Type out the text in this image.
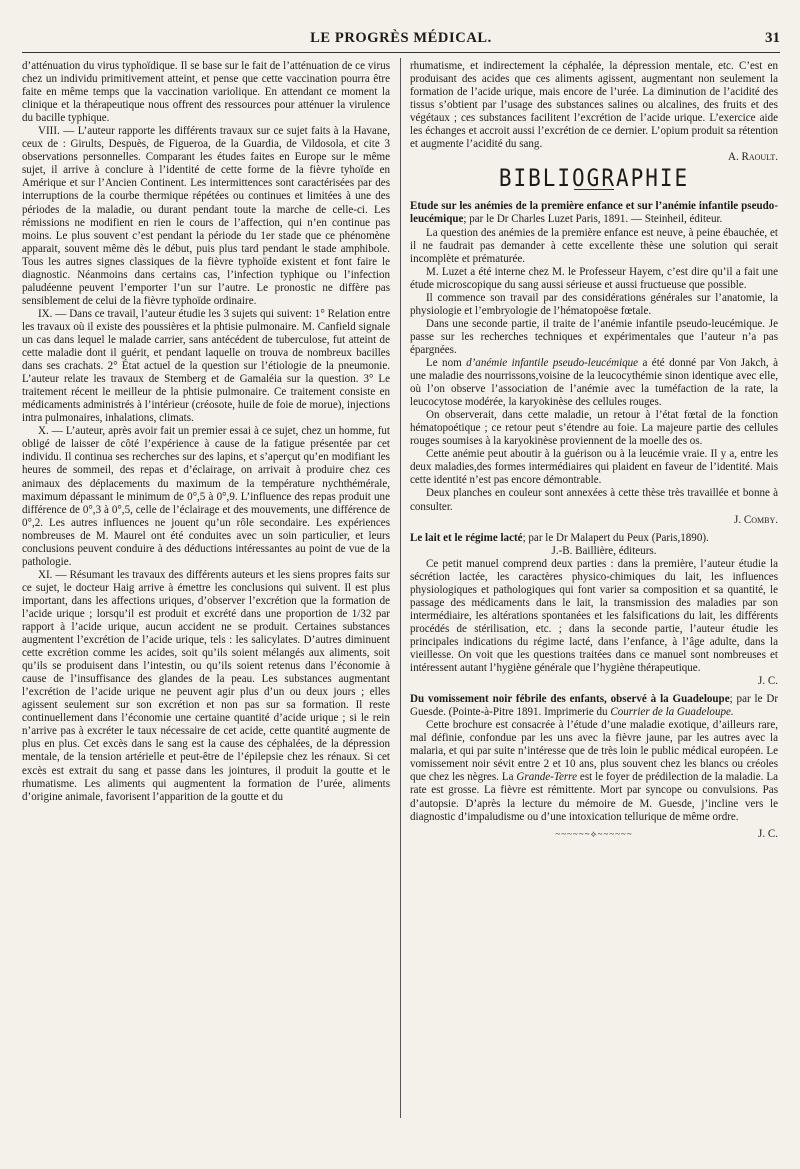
LE PROGRÈS MÉDICAL.	31

d’atténuation du virus typhoïdique. Il se base sur le fait de l’atténuation de ce virus chez un individu primitivement atteint, et pense que cette vaccination pourra être faite en même temps que la vaccination variolique. En attendant ce moment la clinique et la thérapeutique nous offrent des ressources pour atténuer la virulence du bacille typhique.

VIII. — L’auteur rapporte les différents travaux sur ce sujet faits à la Havane, ceux de : Girults, Despuès, de Figueroa, de la Guardia, de Vildosola, et cite 3 observations personnelles. Comparant les études faites en Europe sur le même sujet, il arrive à conclure à l’identité de cette forme de la fièvre tyhoïde en Amérique et sur l’Ancien Continent. Les intermittences sont caractérisées par des interruptions de la courbe thermique répétées ou continues et limitées à une des périodes de la maladie, ou durant pendant toute la marche de celle-ci. Les rémissions ne modifient en rien le cours de l’affection, qui n’en continue pas moins. Le plus souvent c’est pendant la période du 1er stade que ce phénomène apparait, souvent même dès le début, puis plus tard pendant le stade amphibole. Tous les autres signes classiques de la fièvre typhoïde existent et font faire le diagnostic. Néanmoins dans certains cas, l’infection typhique ou l’infection paludéenne peuvent l’emporter l’un sur l’autre. Le pronostic ne diffère pas sensiblement de celui de la fièvre typhoïde ordinaire.

IX. — Dans ce travail, l’auteur étudie les 3 sujets qui suivent: 1° Relation entre les travaux où il existe des poussières et la phtisie pulmonaire. M. Canfield signale un cas dans lequel le malade carrier, sans antécédent de tuberculose, fut atteint de cette maladie dont il guérit, et pendant laquelle on trouva de nombreux bacilles dans ses crachats. 2° État actuel de la question sur l’étiologie de la pneumonie. L’auteur relate les travaux de Stemberg et de Gamaléia sur la question. 3° Le traitement récent le meilleur de la phtisie pulmonaire. Ce traitement consiste en médicaments administrés à l’intérieur (créosote, huile de foie de morue), injections intra pulmonaires, inhalations, climats.

X. — L’auteur, après avoir fait un premier essai à ce sujet, chez un homme, fut obligé de laisser de côté l’expérience à cause de la fatigue présentée par cet individu. Il continua ses recherches sur des lapins, et s’aperçut qu’en modifiant les heures de sommeil, des repas et d’éclairage, on arrivait à produire chez ces animaux des déplacements du maximum de la température nychthémérale, maximum dépassant le minimum de 0°,5 à 0°,9. L’influence des repas produit une différence de 0°,3 à 0°,5, celle de l’éclairage et des mouvements, une différence de 0°,2. Les autres influences ne jouent qu’un rôle secondaire. Les expériences nombreuses de M. Maurel ont été conduites avec un soin particulier, et leurs conclusions peuvent conduire à des déductions intéressantes au point de vue de la pathologie.

XI. — Résumant les travaux des différents auteurs et les siens propres faits sur ce sujet, le docteur Haig arrive à émettre les conclusions qui suivent. Il est plus important, dans les affections uriques, d’observer l’excrétion que la formation de l’acide urique ; lorsqu’il est produit et excrété dans une proportion de 1/32 par rapport à l’acide urique, aucun accident ne se produit. Certaines substances augmentent l’excrétion de l’acide urique, tels : les salicylates. D’autres diminuent cette excrétion comme les acides, soit qu’ils soient mélangés aux aliments, soit qu’ils se produisent dans l’intestin, ou qu’ils soient retenus dans l’économie à cause de l’insuffisance des glandes de la peau. Les substances augmentant l’excrétion de l’acide urique ne peuvent agir plus d’un ou deux jours ; elles agissent seulement sur son excrétion et non pas sur sa formation. Il reste continuellement dans l’économie une certaine quantité d’acide urique ; si le rein n’arrive pas à excréter le taux nécessaire de cet acide, cette quantité augmente de plus en plus. Cet excès dans le sang est la cause des céphalées, de la dépression mentale, de la tension artérielle et peut-être de l’épilepsie chez les rénaux. Si cet excès est extrait du sang et passe dans les jointures, il produit la goutte et le rhumatisme. Les aliments qui augmentent la formation de l’urée, aliments d’origine animale, favorisent l’apparition de la goutte et du

rhumatisme, et indirectement la céphalée, la dépression mentale, etc. C’est en produisant des acides que ces aliments agissent, augmentant non seulement la formation de l’acide urique, mais encore de l’urée. La diminution de l’acidité des tissus s’obtient par l’usage des substances salines ou alcalines, des fruits et des végétaux ; ces substances facilitent l’excrétion de l’acide urique. L’exercice aide les échanges et accroit aussi l’excrétion de ce dernier. L’opium produit sa rétention et augmente l’acidité du sang.

A. Raoult.
BIBLIOGRAPHIE

Etude sur les anémies de la première enfance et sur l’anémie infantile pseudo-leucémique; par le Dr Charles Luzet Paris, 1891. — Steinheil, éditeur.

La question des anémies de la première enfance est neuve, à peine ébauchée, et il ne faudrait pas demander à cette excellente thèse une solution qui serait incomplète et prématurée.

M. Luzet a été interne chez M. le Professeur Hayem, c’est dire qu’il a fait une étude microscopique du sang aussi sérieuse et aussi fructueuse que possible.

Il commence son travail par des considérations générales sur l’anatomie, la physiologie et l’embryologie de l’hématopoëse fœtale.

Dans une seconde partie, il traite de l’anémie infantile pseudo-leucémique. Je passe sur les recherches techniques et expérimentales que l’auteur n’a pas épargnées.

Le nom d’anémie infantile pseudo-leucémique a été donné par Von Jakсh, à une maladie des nourrissons,voisine de la leucocythémie sinon identique avec elle, où l’on observe l’association de l’anémie avec la tuméfaction de la rate, la leucocytose modérée, la karyokinèse des cellules rouges.

On observerait, dans cette maladie, un retour à l’état fœtal de la fonction hématopoétique ; ce retour peut s’étendre au foie. La majeure partie des cellules rouges soumises à la karyokinèse proviennent de la moelle des os.

Cette anémie peut aboutir à la guérison ou à la leucémie vraie. Il y a, entre les deux maladies,des formes intermédiaires qui plaident en faveur de l’identité. Mais cette identité n’est pas encore démontrable.

Deux planches en couleur sont annexées à cette thèse très travaillée et bonne à consulter.

J. Comby.

Le lait et le régime lacté; par le Dr Malapert du Peux (Paris,1890).

J.-B. Baillière, éditeurs.

Ce petit manuel comprend deux parties : dans la première, l’auteur étudie la sécrétion lactée, les caractères physico-chimiques du lait, les influences physiologiques et pathologiques qui font varier sa composition et sa quantité, le passage des médicaments dans le lait, la transmission des maladies par son intermédiaire, les altérations spontanées et les falsifications du lait, les différents procédés de stérilisation, etc. ; dans la seconde partie, l’auteur étudie les principales indications du régime lacté, dans l’enfance, à l’âge adulte, dans la vieillesse. On voit que les questions traitées dans ce manuel sont nombreuses et intéressent autant l’hygiène générale que l’hygiène thérapeutique.

J. C.

Du vomissement noir fébrile des enfants, observé à la Guadeloupe; par le Dr Guesde. (Pointe-à-Pitre 1891. Imprimerie du Courrier de la Guadeloupe.

Cette brochure est consacrée à l’étude d’une maladie exotique, d’ailleurs rare, mal définie, confondue par les uns avec la fièvre jaune, par les autres avec la malaria, et qui par suite n’intéresse que de très loin le public médical européen. Le vomissement noir sévit entre 2 et 10 ans, plus souvent chez les blancs ou créoles que chez les nègres. La Grande-Terre est le foyer de prédilection de la maladie. La rate est grosse. La fièvre est rémittente. Mort par syncope ou convulsions. Pas d’autopsie. D’après la lecture du mémoire de M. Guesde, j’incline vers le diagnostic d’impaludisme ou d’une intoxication tellurique de même ordre.

~~~~~~⟡~~~~~~	J. C.
